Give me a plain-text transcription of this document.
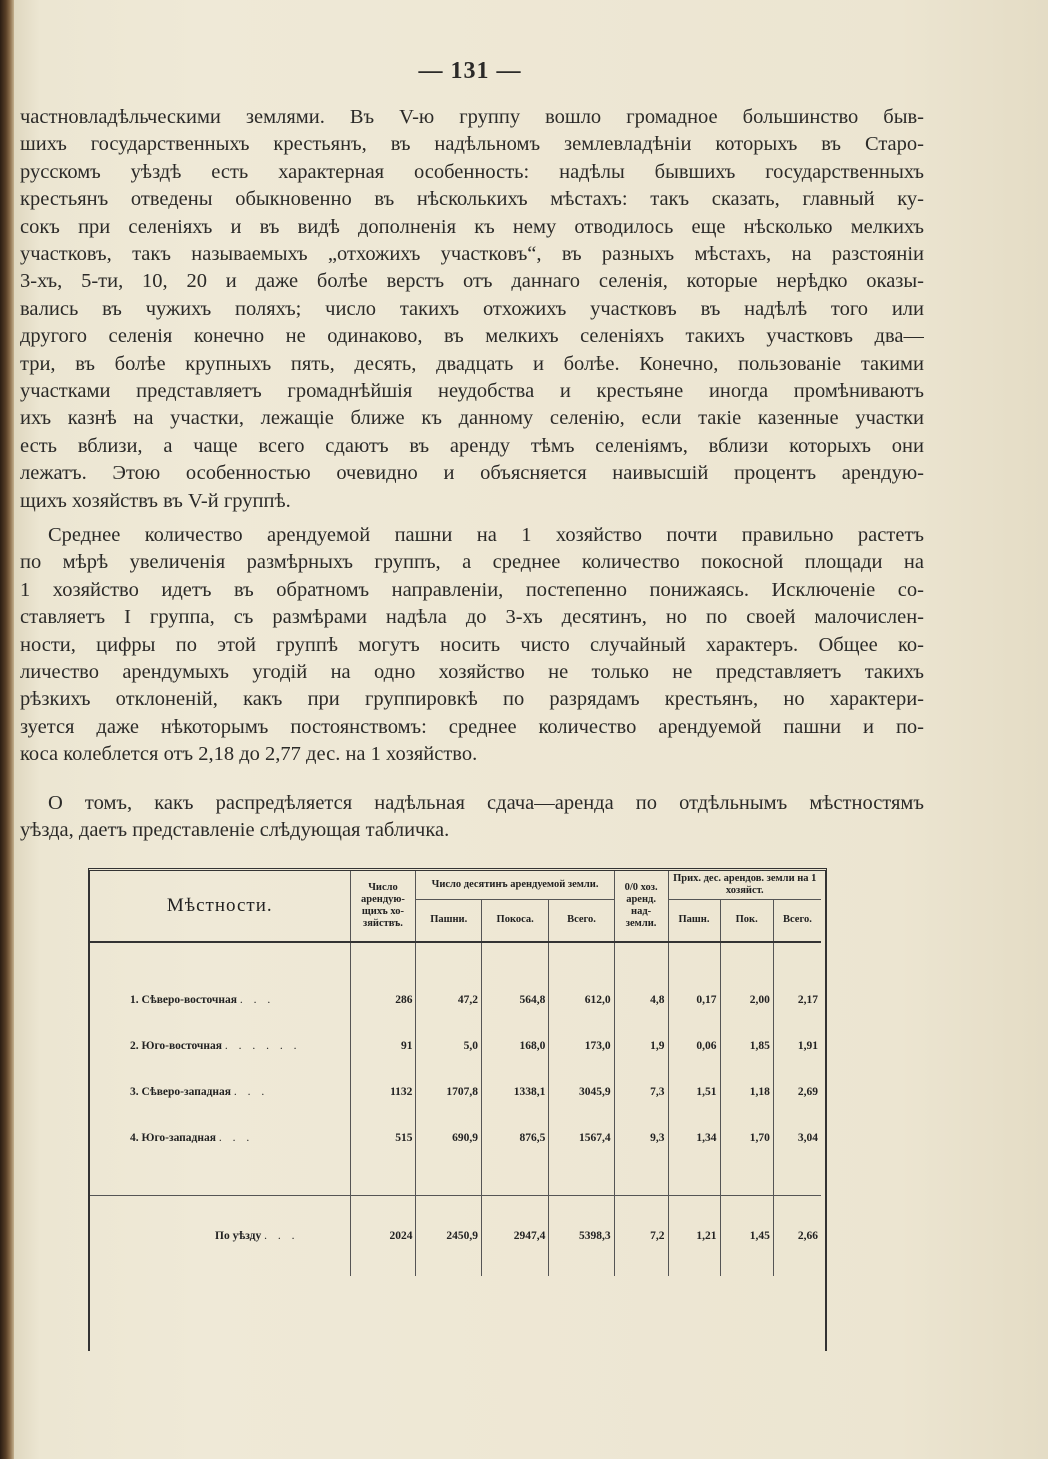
— 131 —
частновладѣльческими землями. Въ V-ю группу вошло громадное большинство быв-
шихъ государственныхъ крестьянъ, въ надѣльномъ землевладѣніи которыхъ въ Старо-
русскомъ уѣздѣ есть характерная особенность: надѣлы бывшихъ государственныхъ
крестьянъ отведены обыкновенно въ нѣсколькихъ мѣстахъ: такъ сказать, главный ку-
сокъ при селеніяхъ и въ видѣ дополненія къ нему отводилось еще нѣсколько мелкихъ
участковъ, такъ называемыхъ „отхожихъ участковъ“, въ разныхъ мѣстахъ, на разстояніи
3-хъ, 5-ти, 10, 20 и даже болѣе верстъ отъ даннаго селенія, которые нерѣдко оказы-
вались въ чужихъ поляхъ; число такихъ отхожихъ участковъ въ надѣлѣ того или
другого селенія конечно не одинаково, въ мелкихъ селеніяхъ такихъ участковъ два—
три, въ болѣе крупныхъ пять, десять, двадцать и болѣе. Конечно, пользованіе такими
участками представляетъ громаднѣйшія неудобства и крестьяне иногда промѣниваютъ
ихъ казнѣ на участки, лежащіе ближе къ данному селенію, если такіе казенные участки
есть вблизи, а чаще всего сдаютъ въ аренду тѣмъ селеніямъ, вблизи которыхъ они
лежатъ. Этою особенностью очевидно и объясняется наивысшій процентъ арендую-
щихъ хозяйствъ въ V-й группѣ.
Среднее количество арендуемой пашни на 1 хозяйство почти правильно растетъ
по мѣрѣ увеличенія размѣрныхъ группъ, а среднее количество покосной площади на
1 хозяйство идетъ въ обратномъ направленіи, постепенно понижаясь. Исключеніе со-
ставляетъ I группа, съ размѣрами надѣла до 3-хъ десятинъ, но по своей малочислен-
ности, цифры по этой группѣ могутъ носить чисто случайный характеръ. Общее ко-
личество арендумыхъ угодій на одно хозяйство не только не представляетъ такихъ
рѣзкихъ отклоненій, какъ при группировкѣ по разрядамъ крестьянъ, но характери-
зуется даже нѣкоторымъ постоянствомъ: среднее количество арендуемой пашни и по-
коса колеблется отъ 2,18 до 2,77 дес. на 1 хозяйство.
О томъ, какъ распредѣляется надѣльная сдача—аренда по отдѣльнымъ мѣстностямъ
уѣзда, даетъ представленіе слѣдующая табличка.
Мѣстности.	Число арендую-щихъ хо-зяйствъ.	Число десятинъ арендуемой земли.			0/0 хоз. аренд. над-земли.	Прих. дес. арендов. земли на 1 хозяйст.		
		Пашни.	Покоса.	Всего.		Пашн.	Пок.	Всего.

1. Сѣверо-восточная . . .	286	47,2	564,8	612,0	4,8	0,17	2,00	2,17
2. Юго-восточная . . . . . .	91	5,0	168,0	173,0	1,9	0,06	1,85	1,91
3. Сѣверо-западная . . .	1132	1707,8	1338,1	3045,9	7,3	1,51	1,18	2,69
4. Юго-западная . . .	515	690,9	876,5	1567,4	9,3	1,34	1,70	3,04

По уѣзду . . .	2024	2450,9	2947,4	5398,3	7,2	1,21	1,45	2,66
